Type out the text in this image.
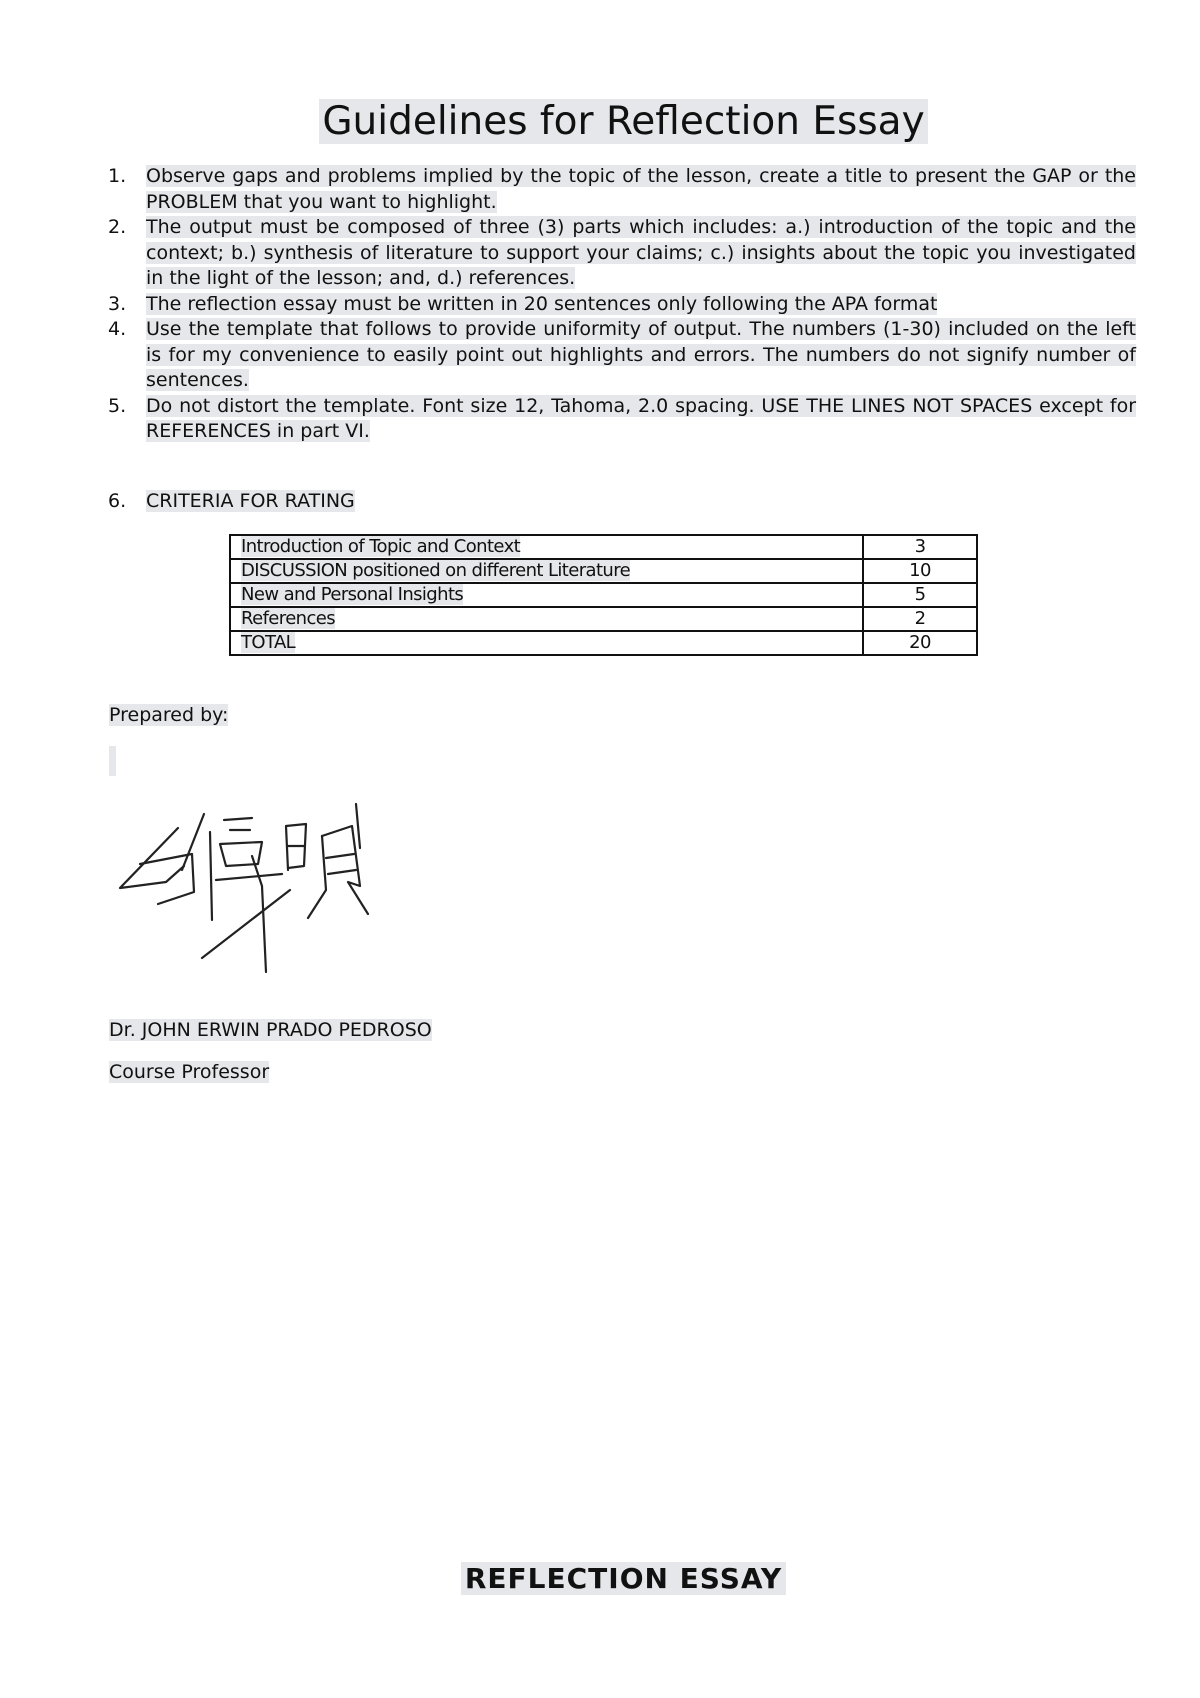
Guidelines for Reflection Essay
1. Observe gaps and problems implied by the topic of the lesson, create a title to present the GAP or the PROBLEM that you want to highlight.
2. The output must be composed of three (3) parts which includes: a.) introduction of the topic and the context; b.) synthesis of literature to support your claims; c.) insights about the topic you investigated in the light of the lesson; and, d.) references.
3. The reflection essay must be written in 20 sentences only following the APA format
4. Use the template that follows to provide uniformity of output. The numbers (1-30) included on the left is for my convenience to easily point out highlights and errors. The numbers do not signify number of sentences.
5. Do not distort the template. Font size 12, Tahoma, 2.0 spacing. USE THE LINES NOT SPACES except for REFERENCES in part VI.
6. CRITERIA FOR RATING
Introduction of Topic and Context	3
DISCUSSION positioned on different Literature	10
New and Personal Insights	5
References	2
TOTAL	20
Prepared by:
Dr. JOHN ERWIN PRADO PEDROSO
Course Professor
REFLECTION ESSAY
